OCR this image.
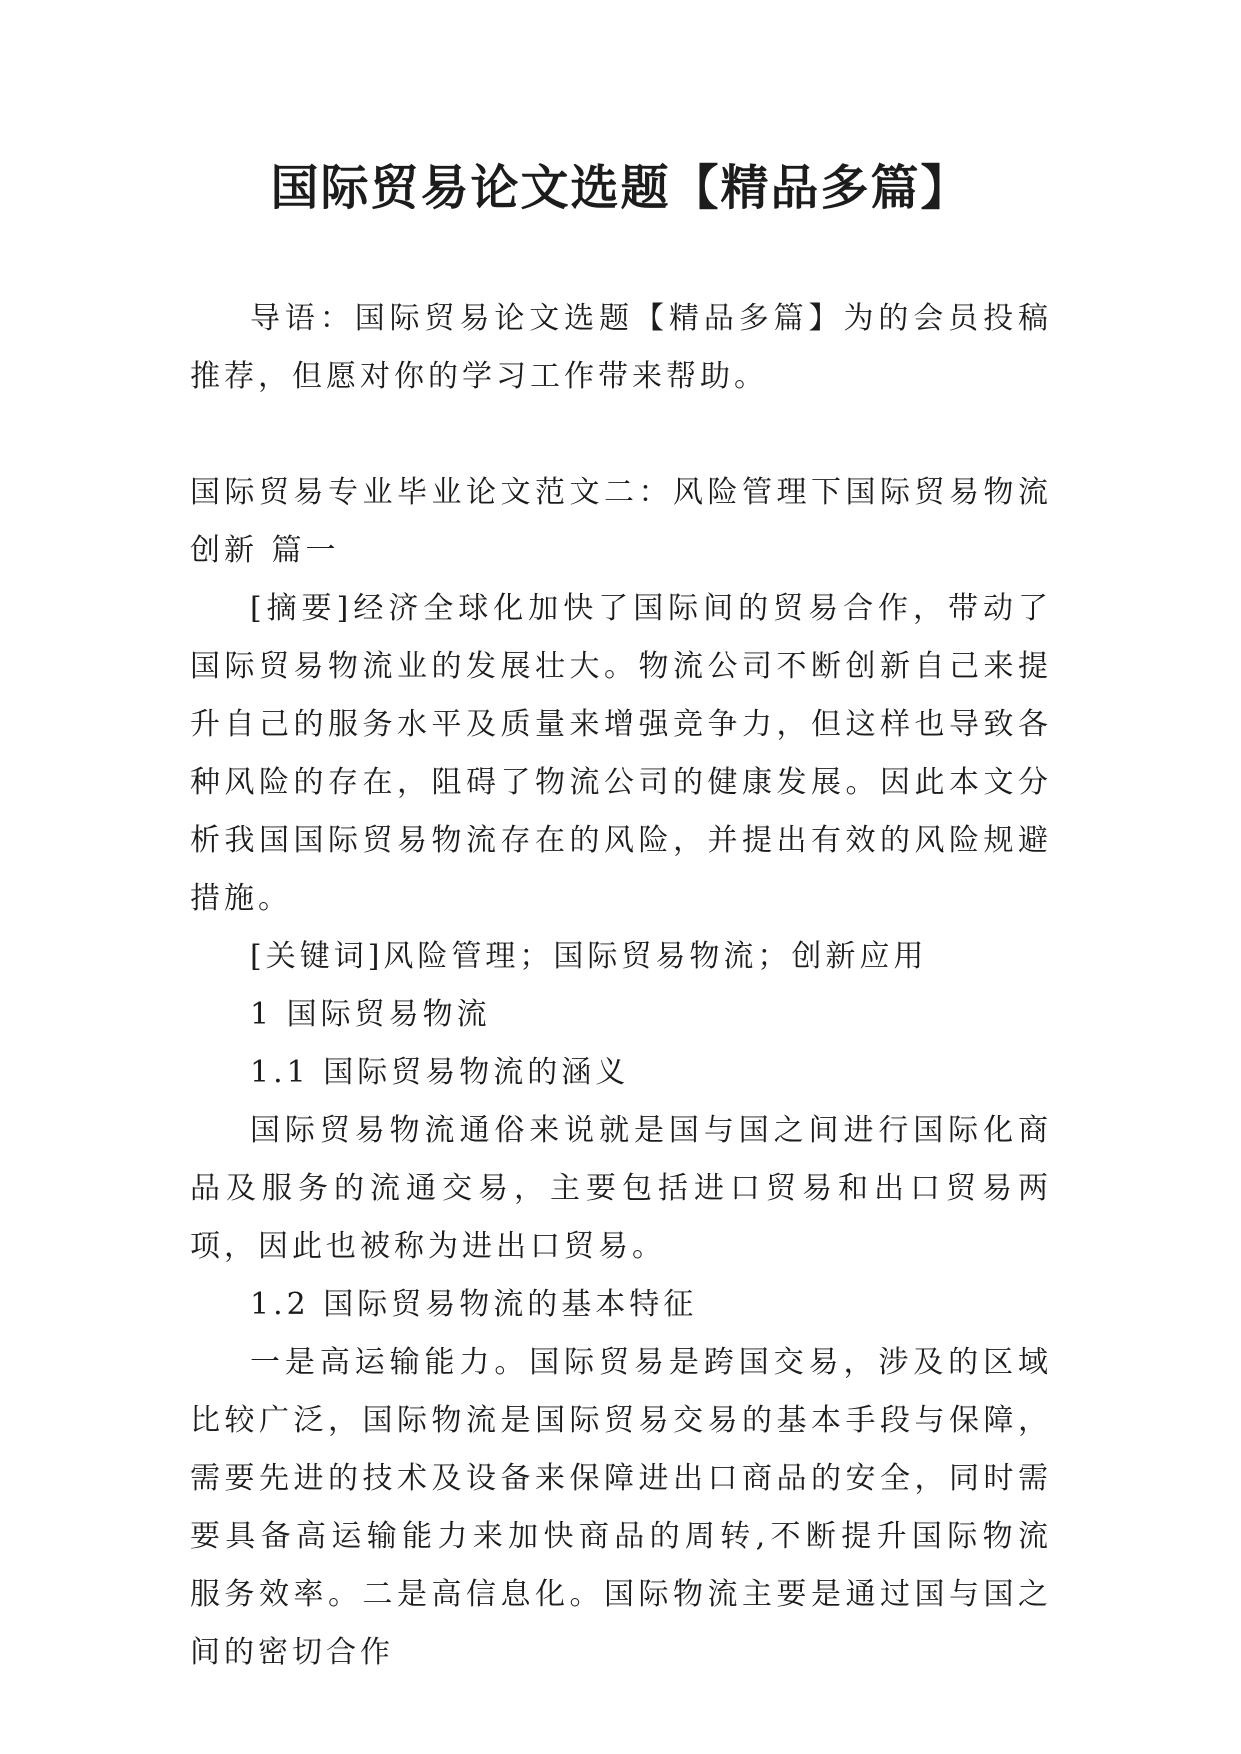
国际贸易论文选题【精品多篇】

导语：国际贸易论文选题【精品多篇】为的会员投稿推荐，但愿对你的学习工作带来帮助。

国际贸易专业毕业论文范文二：风险管理下国际贸易物流创新 篇一

[摘要]经济全球化加快了国际间的贸易合作，带动了国际贸易物流业的发展壮大。物流公司不断创新自己来提升自己的服务水平及质量来增强竞争力，但这样也导致各种风险的存在，阻碍了物流公司的健康发展。因此本文分析我国国际贸易物流存在的风险，并提出有效的风险规避措施。

[关键词]风险管理；国际贸易物流；创新应用

1 国际贸易物流

1.1 国际贸易物流的涵义

国际贸易物流通俗来说就是国与国之间进行国际化商品及服务的流通交易，主要包括进口贸易和出口贸易两项，因此也被称为进出口贸易。

1.2 国际贸易物流的基本特征

一是高运输能力。国际贸易是跨国交易，涉及的区域比较广泛，国际物流是国际贸易交易的基本手段与保障，需要先进的技术及设备来保障进出口商品的安全，同时需要具备高运输能力来加快商品的周转,不断提升国际物流服务效率。二是高信息化。国际物流主要是通过国与国之间的密切合作
